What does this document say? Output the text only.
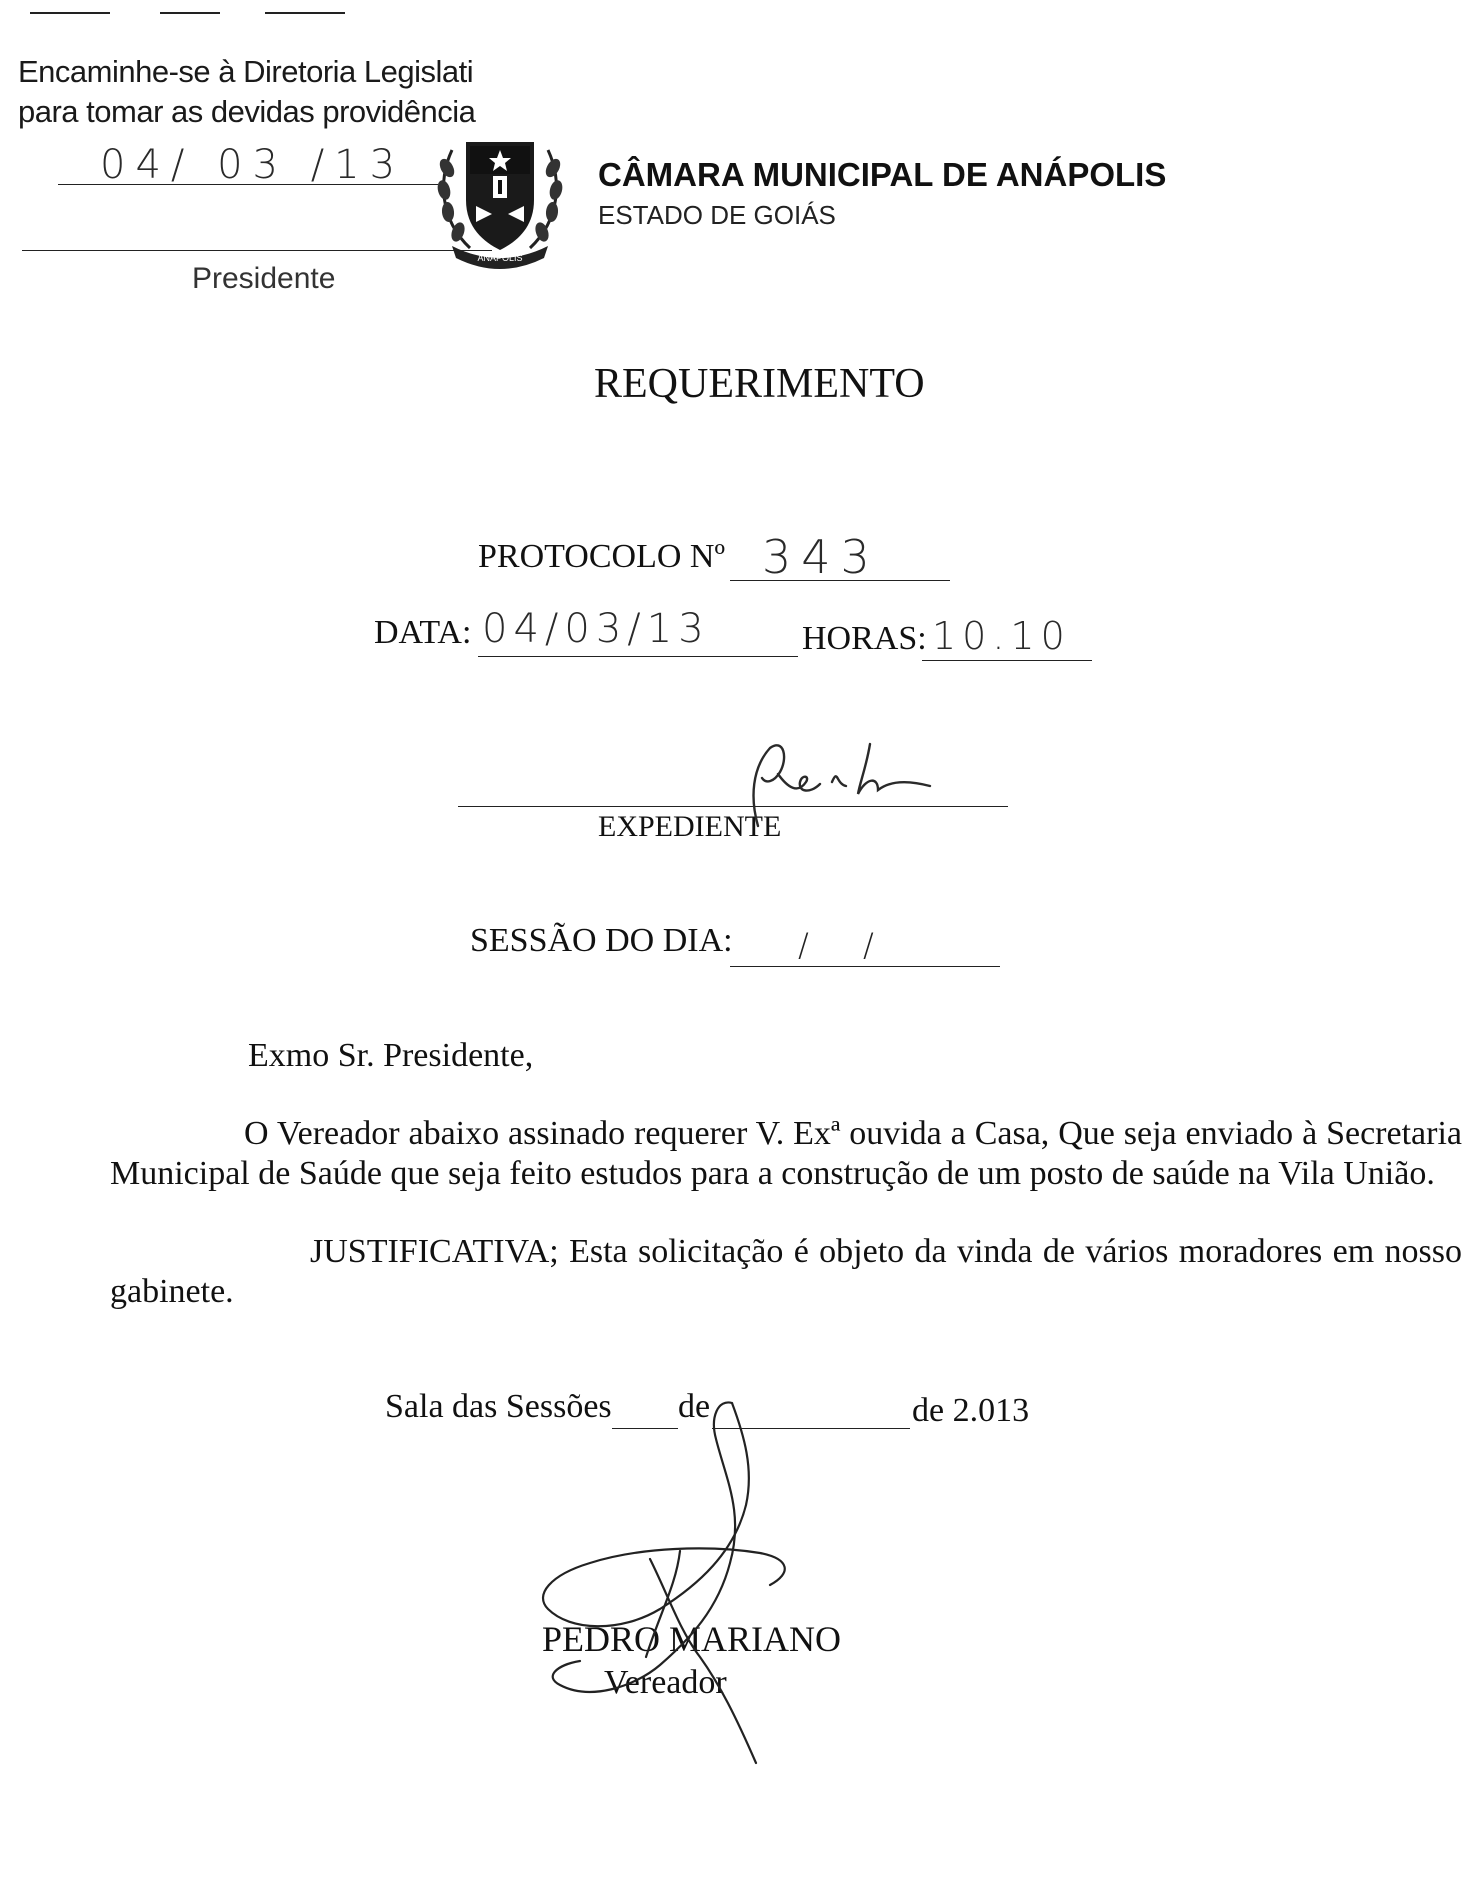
Encaminhe-se à Diretoria Legislati
para tomar as devidas providência
04/ 03 /13
Presidente
ANÁPOLIS
CÂMARA MUNICIPAL DE ANÁPOLIS
ESTADO DE GOIÁS
REQUERIMENTO
PROTOCOLO Nº 343
DATA: 04/03/13	HORAS: 10.10
EXPEDIENTE
SESSÃO DO DIA: / /
Exmo Sr. Presidente,
O Vereador abaixo assinado requerer V. Exª ouvida a Casa, Que seja enviado à Secretaria Municipal de Saúde que seja feito estudos para a construção de um posto de saúde na Vila União.
JUSTIFICATIVA; Esta solicitação é objeto da vinda de vários moradores em nosso gabinete.
Sala das Sessões de	de 2.013
PEDRO MARIANO
Vereador
